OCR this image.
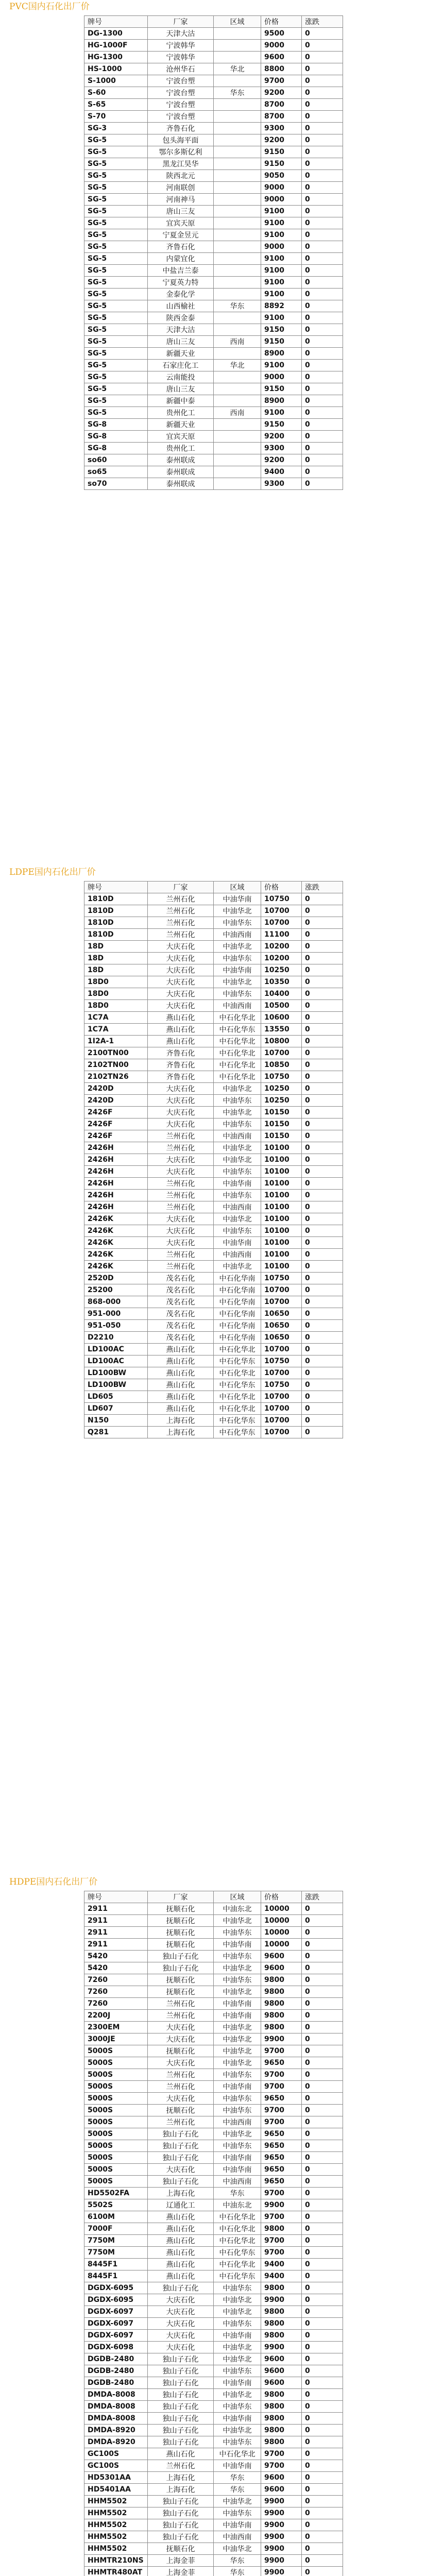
PVC国内石化出厂价
牌号	厂家	区域	价格	涨跌
DG-1300	天津大沽		9500	0
HG-1000F	宁波韩华		9000	0
HG-1300	宁波韩华		9600	0
HS-1000	沧州华石	华北	8800	0
S-1000	宁波台塑		9700	0
S-60	宁波台塑	华东	9200	0
S-65	宁波台塑		8700	0
S-70	宁波台塑		8700	0
SG-3	齐鲁石化		9300	0
SG-5	包头海平面		9200	0
SG-5	鄂尔多斯亿利		9150	0
SG-5	黑龙江昊华		9150	0
SG-5	陕西北元		9050	0
SG-5	河南联创		9000	0
SG-5	河南神马		9000	0
SG-5	唐山三友		9100	0
SG-5	宜宾天原		9100	0
SG-5	宁夏金昱元		9100	0
SG-5	齐鲁石化		9000	0
SG-5	内蒙宜化		9100	0
SG-5	中盐吉兰泰		9100	0
SG-5	宁夏英力特		9100	0
SG-5	金泰化学		9100	0
SG-5	山西榆社	华东	8892	0
SG-5	陕西金泰		9100	0
SG-5	天津大沽		9150	0
SG-5	唐山三友	西南	9150	0
SG-5	新疆天业		8900	0
SG-5	石家庄化工	华北	9100	0
SG-5	云南能投		9000	0
SG-5	唐山三友		9150	0
SG-5	新疆中泰		8900	0
SG-5	贵州化工	西南	9100	0
SG-8	新疆天业		9150	0
SG-8	宜宾天原		9200	0
SG-8	贵州化工		9300	0
so60	泰州联成		9200	0
so65	泰州联成		9400	0
so70	泰州联成		9300	0
LDPE国内石化出厂价
牌号	厂家	区域	价格	涨跌
1810D	兰州石化	中油华南	10750	0
1810D	兰州石化	中油华北	10700	0
1810D	兰州石化	中油华东	10700	0
1810D	兰州石化	中油西南	11100	0
18D	大庆石化	中油华北	10200	0
18D	大庆石化	中油华东	10200	0
18D	大庆石化	中油华南	10250	0
18D0	大庆石化	中油华北	10350	0
18D0	大庆石化	中油华东	10400	0
18D0	大庆石化	中油西南	10500	0
1C7A	燕山石化	中石化华北	10600	0
1C7A	燕山石化	中石化华东	13550	0
1I2A-1	燕山石化	中石化华北	10800	0
2100TN00	齐鲁石化	中石化华北	10700	0
2102TN00	齐鲁石化	中石化华北	10850	0
2102TN26	齐鲁石化	中石化华北	10750	0
2420D	大庆石化	中油华北	10250	0
2420D	大庆石化	中油华东	10250	0
2426F	大庆石化	中油华北	10150	0
2426F	大庆石化	中油华东	10150	0
2426F	兰州石化	中油西南	10150	0
2426H	兰州石化	中油华北	10100	0
2426H	大庆石化	中油华北	10100	0
2426H	大庆石化	中油华东	10100	0
2426H	兰州石化	中油华南	10100	0
2426H	兰州石化	中油华东	10100	0
2426H	兰州石化	中油西南	10100	0
2426K	大庆石化	中油华北	10100	0
2426K	大庆石化	中油华东	10100	0
2426K	大庆石化	中油华南	10100	0
2426K	兰州石化	中油西南	10100	0
2426K	兰州石化	中油华北	10100	0
2520D	茂名石化	中石化华南	10750	0
25200	茂名石化	中石化华南	10700	0
868-000	茂名石化	中石化华南	10700	0
951-000	茂名石化	中石化华南	10650	0
951-050	茂名石化	中石化华南	10650	0
D2210	茂名石化	中石化华南	10650	0
LD100AC	燕山石化	中石化华北	10700	0
LD100AC	燕山石化	中石化华东	10750	0
LD100BW	燕山石化	中石化华北	10700	0
LD100BW	燕山石化	中石化华东	10750	0
LD605	燕山石化	中石化华北	10700	0
LD607	燕山石化	中石化华北	10700	0
N150	上海石化	中石化华东	10700	0
Q281	上海石化	中石化华东	10700	0
HDPE国内石化出厂价
牌号	厂家	区域	价格	涨跌
2911	抚顺石化	中油东北	10000	0
2911	抚顺石化	中油华北	10000	0
2911	抚顺石化	中油华东	10000	0
2911	抚顺石化	中油华南	10000	0
5420	独山子石化	中油华东	9600	0
5420	独山子石化	中油华北	9600	0
7260	抚顺石化	中油华东	9800	0
7260	抚顺石化	中油华北	9800	0
7260	兰州石化	中油华南	9800	0
2200J	兰州石化	中油华南	9800	0
2300EM	大庆石化	中油华北	9800	0
3000JE	大庆石化	中油华北	9900	0
5000S	抚顺石化	中油华北	9700	0
5000S	大庆石化	中油华北	9650	0
5000S	兰州石化	中油华东	9700	0
5000S	兰州石化	中油华南	9700	0
5000S	大庆石化	中油华东	9650	0
5000S	抚顺石化	中油华东	9700	0
5000S	兰州石化	中油西南	9700	0
5000S	独山子石化	中油华北	9650	0
5000S	独山子石化	中油华东	9650	0
5000S	独山子石化	中油华南	9650	0
5000S	大庆石化	中油华南	9650	0
5000S	独山子石化	中油西南	9650	0
HD5502FA	上海石化	华东	9700	0
5502S	辽通化工	中油东北	9900	0
6100M	燕山石化	中石化华北	9700	0
7000F	燕山石化	中石化华北	9800	0
7750M	燕山石化	中石化华北	9700	0
7750M	燕山石化	中石化华东	9700	0
8445F1	燕山石化	中石化华北	9400	0
8445F1	燕山石化	中石化华东	9400	0
DGDX-6095	独山子石化	中油华东	9800	0
DGDX-6095	大庆石化	中油华北	9900	0
DGDX-6097	大庆石化	中油华北	9800	0
DGDX-6097	大庆石化	中油华东	9800	0
DGDX-6097	大庆石化	中油华南	9800	0
DGDX-6098	大庆石化	中油华北	9900	0
DGDB-2480	独山子石化	中油华北	9600	0
DGDB-2480	独山子石化	中油华东	9600	0
DGDB-2480	独山子石化	中油华南	9600	0
DMDA-8008	独山子石化	中油华北	9800	0
DMDA-8008	独山子石化	中油华东	9800	0
DMDA-8008	独山子石化	中油华南	9800	0
DMDA-8920	独山子石化	中油华北	9800	0
DMDA-8920	独山子石化	中油华东	9800	0
GC100S	燕山石化	中石化华北	9700	0
GC100S	兰州石化	中油华南	9700	0
HD5301AA	上海石化	华东	9600	0
HD5401AA	上海石化	华东	9600	0
HHM5502	独山子石化	中油华北	9900	0
HHM5502	独山子石化	中油华东	9900	0
HHM5502	独山子石化	中油华南	9900	0
HHM5502	独山子石化	中油西南	9900	0
HHM5502	抚顺石化	中油华北	9900	0
HHMTR210NS	上海金菲	华东	9900	0
HHMTR480AT	上海金菲	华东	9900	0
